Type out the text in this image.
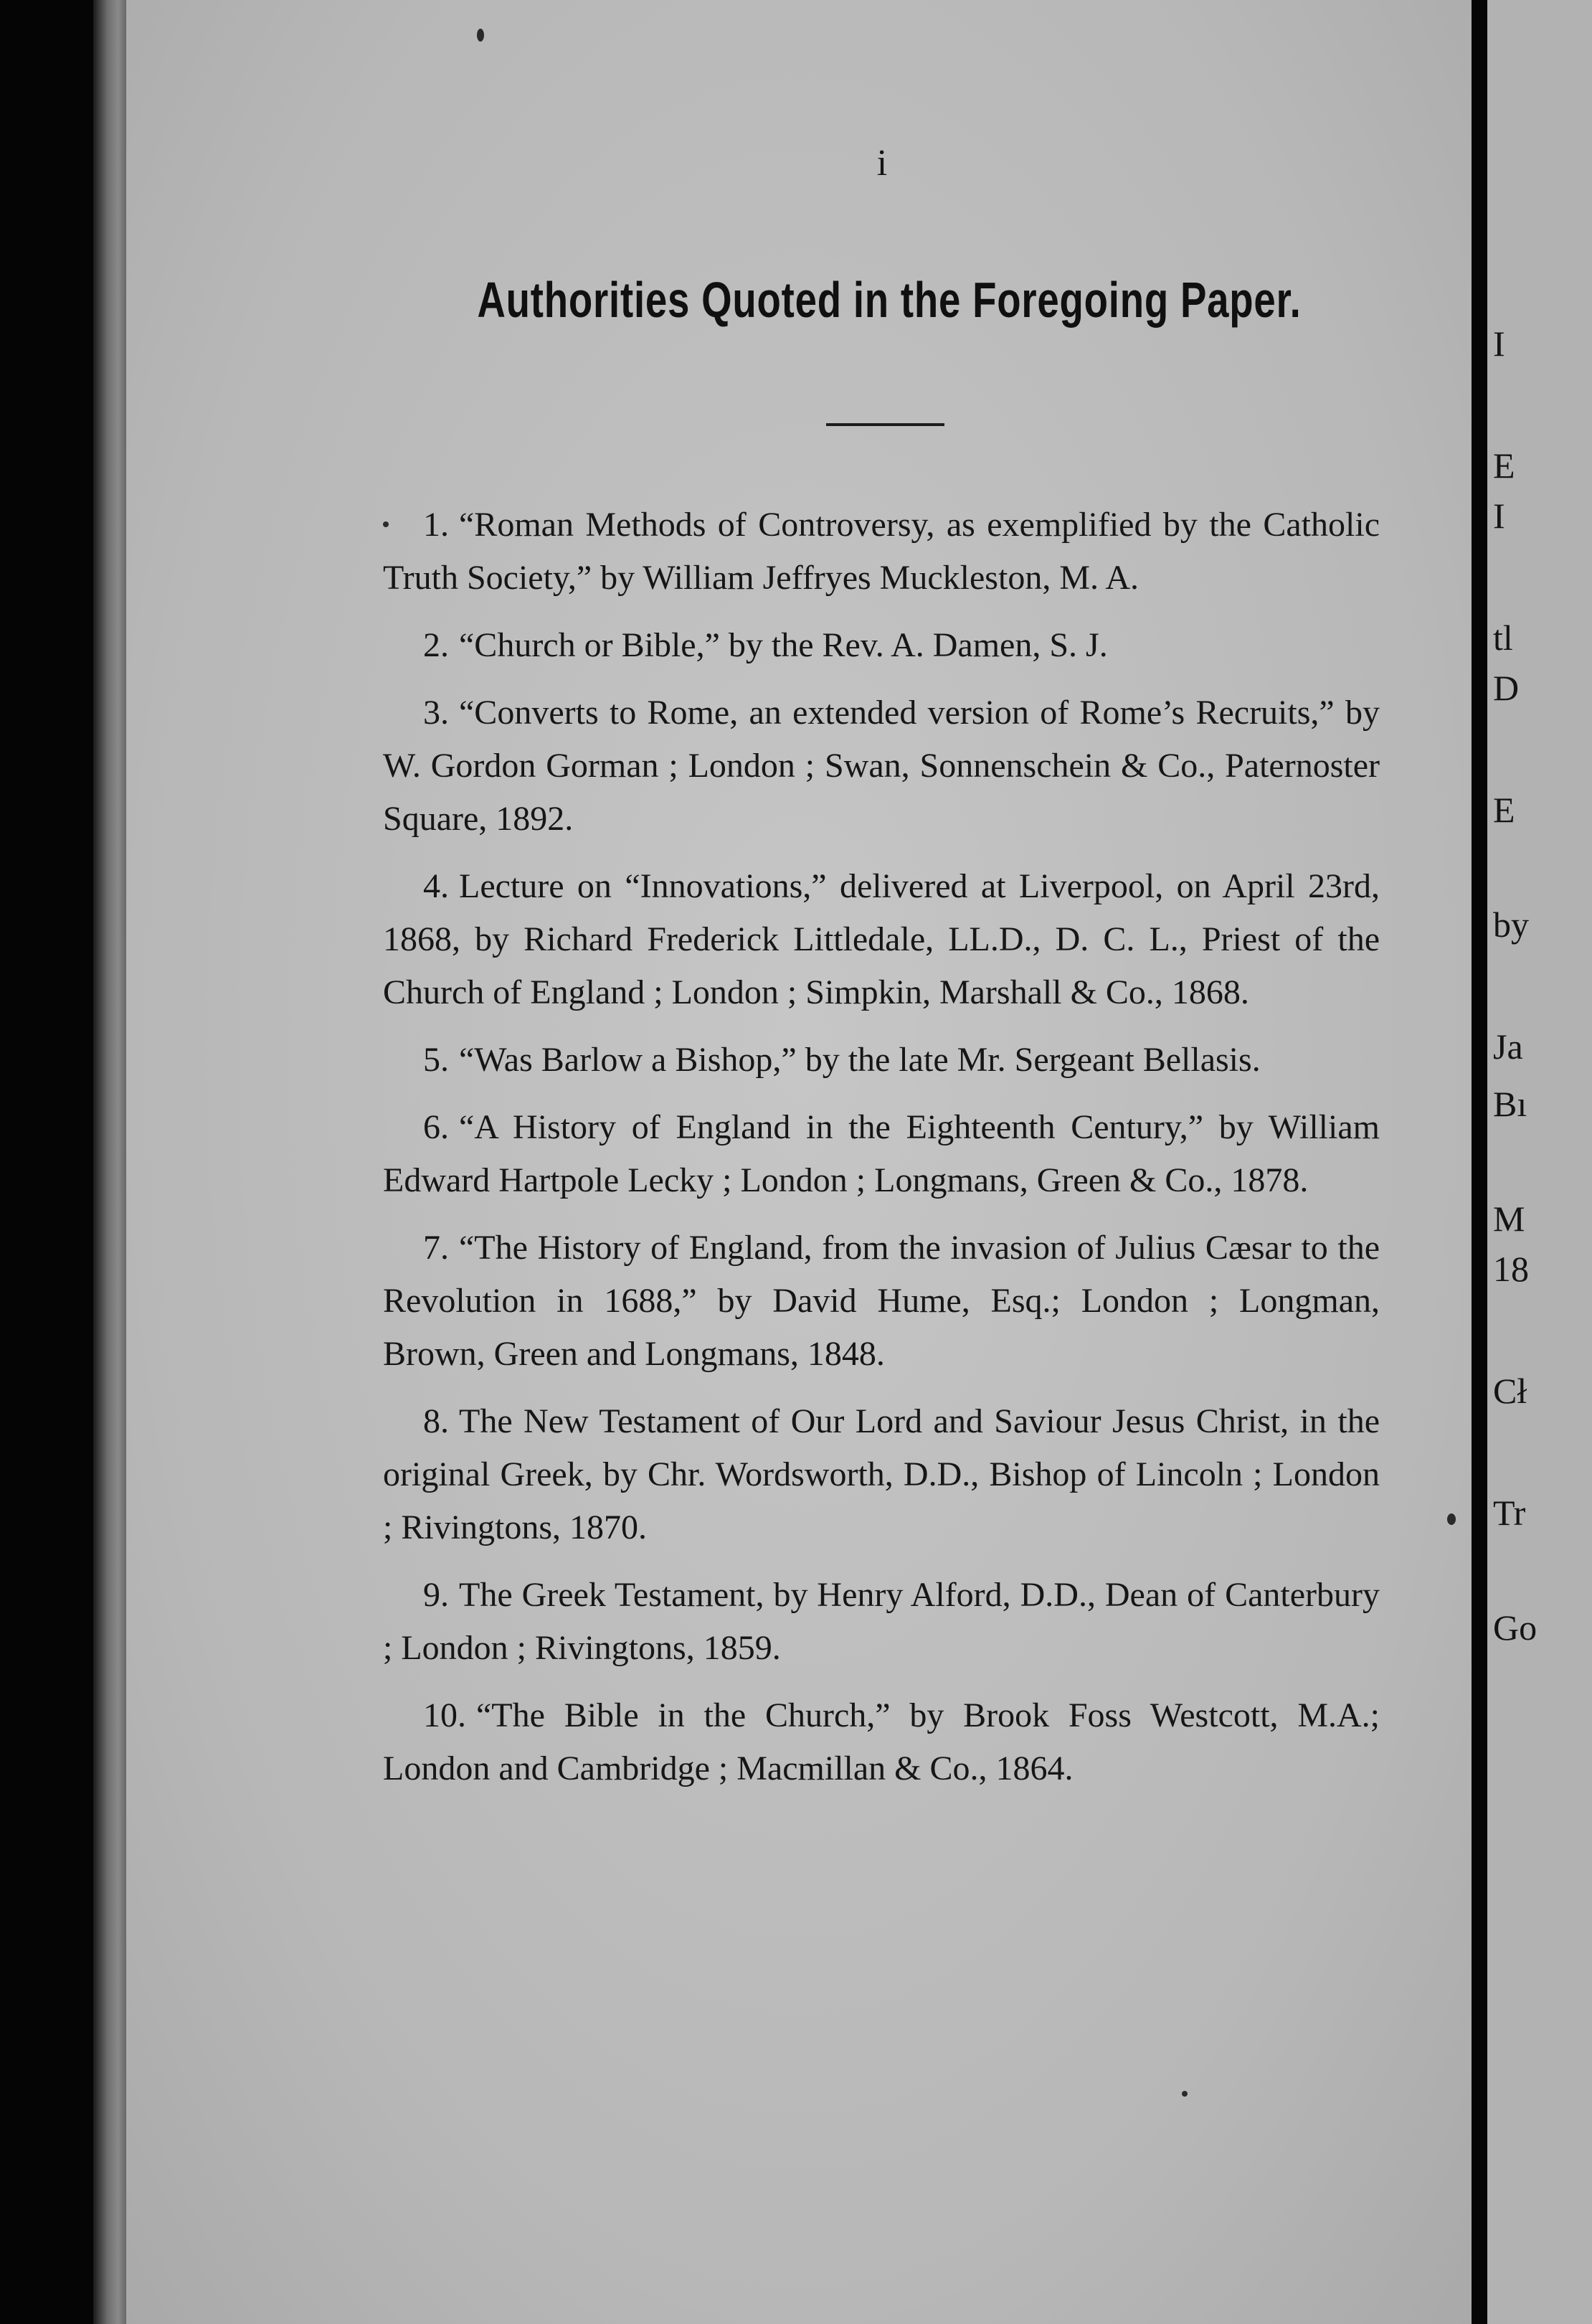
i
Authorities Quoted in the Foregoing Paper.

1. “Roman Methods of Controversy, as exemplified by the Catholic Truth Society,” by William Jeffryes Muckleston, M. A.

2. “Church or Bible,” by the Rev. A. Damen, S. J.

3. “Converts to Rome, an extended version of Rome’s Recruits,” by W. Gordon Gorman ; London ; Swan, Sonnenschein & Co., Paternoster Square, 1892.

4. Lecture on “Innovations,” delivered at Liverpool, on April 23rd, 1868, by Richard Frederick Littledale, LL.D., D. C. L., Priest of the Church of England ; London ; Simpkin, Marshall & Co., 1868.

5. “Was Barlow a Bishop,” by the late Mr. Sergeant Bellasis.

6. “A History of England in the Eighteenth Century,” by William Edward Hartpole Lecky ; London ; Longmans, Green & Co., 1878.

7. “The History of England, from the invasion of Julius Cæsar to the Revolution in 1688,” by David Hume, Esq.; London ; Longman, Brown, Green and Longmans, 1848.

8. The New Testament of Our Lord and Saviour Jesus Christ, in the original Greek, by Chr. Wordsworth, D.D., Bishop of Lincoln ; London ; Rivingtons, 1870.

9. The Greek Testament, by Henry Alford, D.D., Dean of Canterbury ; London ; Rivingtons, 1859.

10. “The Bible in the Church,” by Brook Foss Westcott, M.A.; London and Cambridge ; Macmillan & Co., 1864.

I
E
I
tl
D
E
by
Ja
Bı
M
18
Cł
Tr
Go
